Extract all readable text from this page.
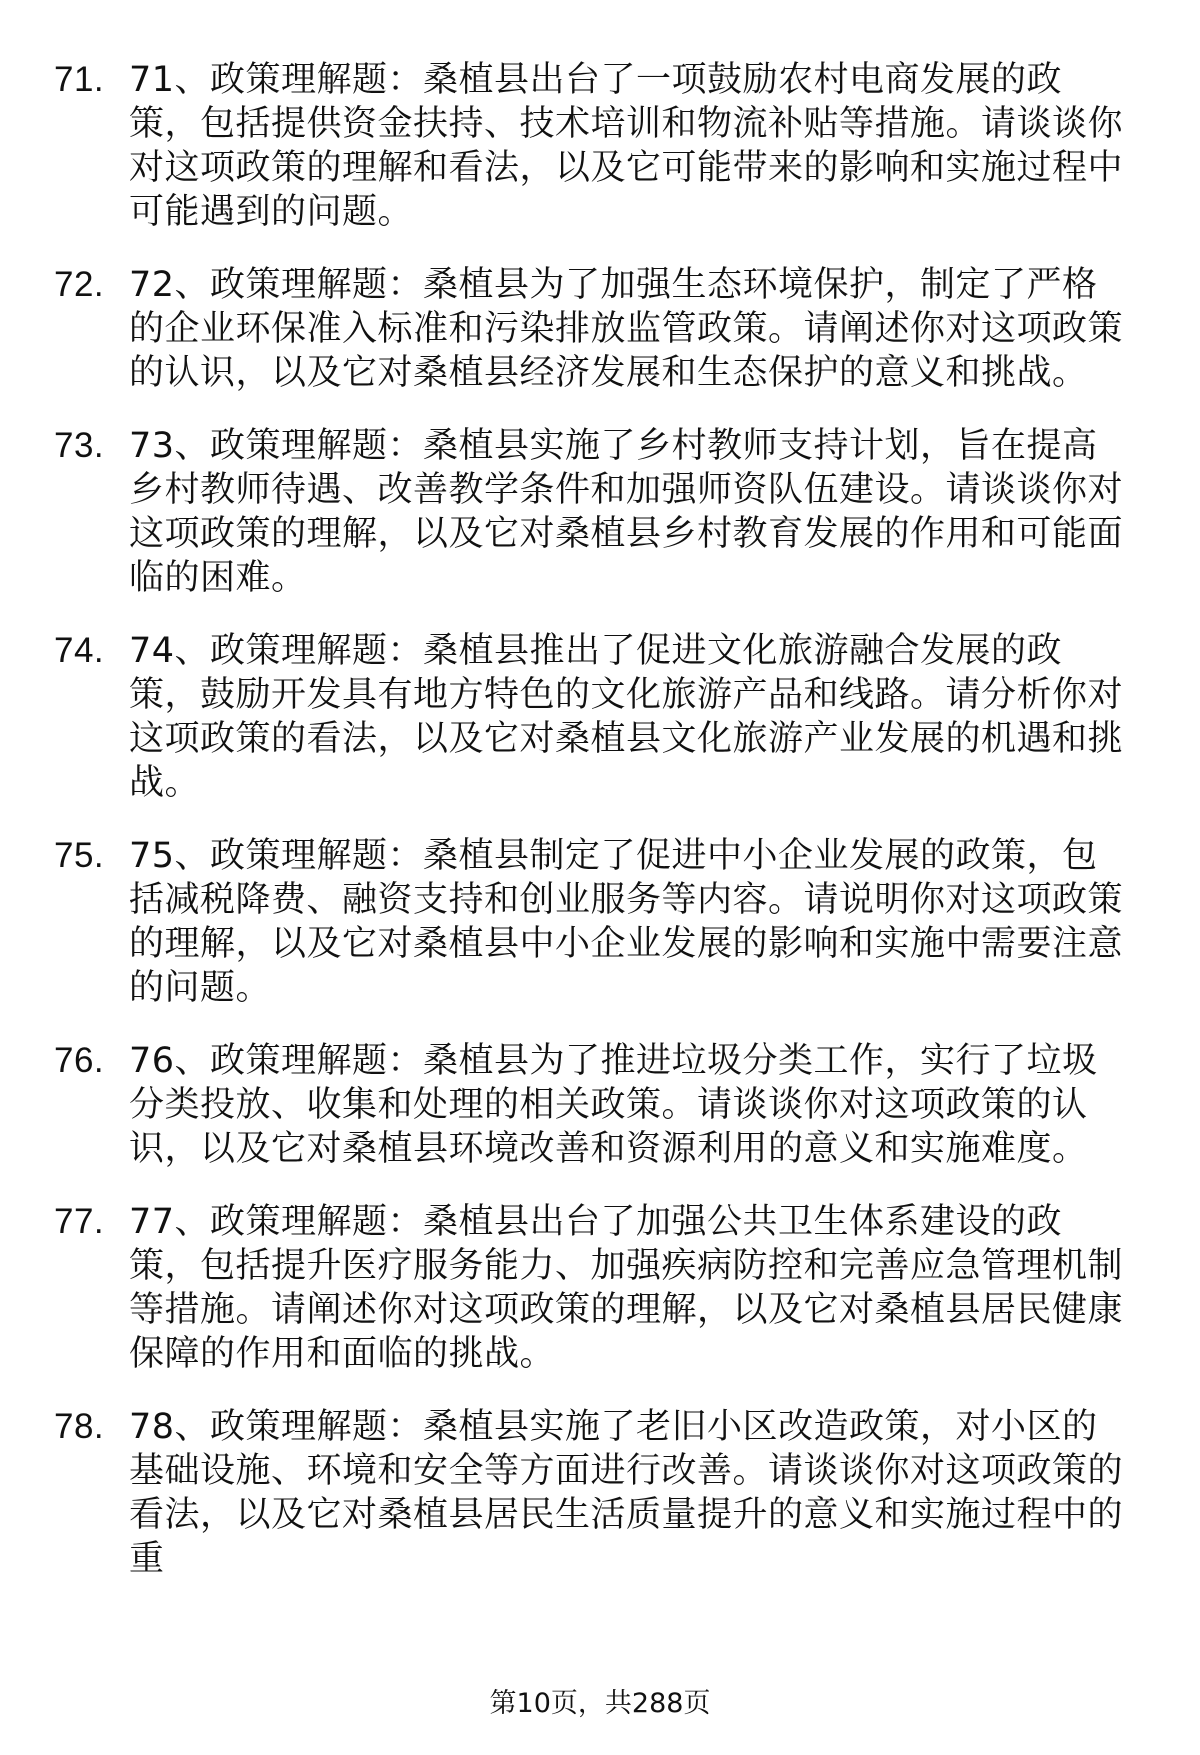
71. 71、政策理解题：桑植县出台了一项鼓励农村电商发展的政策，包括提供资金扶持、技术培训和物流补贴等措施。请谈谈你对这项政策的理解和看法，以及它可能带来的影响和实施过程中可能遇到的问题。
72. 72、政策理解题：桑植县为了加强生态环境保护，制定了严格的企业环保准入标准和污染排放监管政策。请阐述你对这项政策的认识，以及它对桑植县经济发展和生态保护的意义和挑战。
73. 73、政策理解题：桑植县实施了乡村教师支持计划，旨在提高乡村教师待遇、改善教学条件和加强师资队伍建设。请谈谈你对这项政策的理解，以及它对桑植县乡村教育发展的作用和可能面临的困难。
74. 74、政策理解题：桑植县推出了促进文化旅游融合发展的政策，鼓励开发具有地方特色的文化旅游产品和线路。请分析你对这项政策的看法，以及它对桑植县文化旅游产业发展的机遇和挑战。
75. 75、政策理解题：桑植县制定了促进中小企业发展的政策，包括减税降费、融资支持和创业服务等内容。请说明你对这项政策的理解，以及它对桑植县中小企业发展的影响和实施中需要注意的问题。
76. 76、政策理解题：桑植县为了推进垃圾分类工作，实行了垃圾分类投放、收集和处理的相关政策。请谈谈你对这项政策的认识，以及它对桑植县环境改善和资源利用的意义和实施难度。
77. 77、政策理解题：桑植县出台了加强公共卫生体系建设的政策，包括提升医疗服务能力、加强疾病防控和完善应急管理机制等措施。请阐述你对这项政策的理解，以及它对桑植县居民健康保障的作用和面临的挑战。
78. 78、政策理解题：桑植县实施了老旧小区改造政策，对小区的基础设施、环境和安全等方面进行改善。请谈谈你对这项政策的看法，以及它对桑植县居民生活质量提升的意义和实施过程中的重
第10页，共288页
